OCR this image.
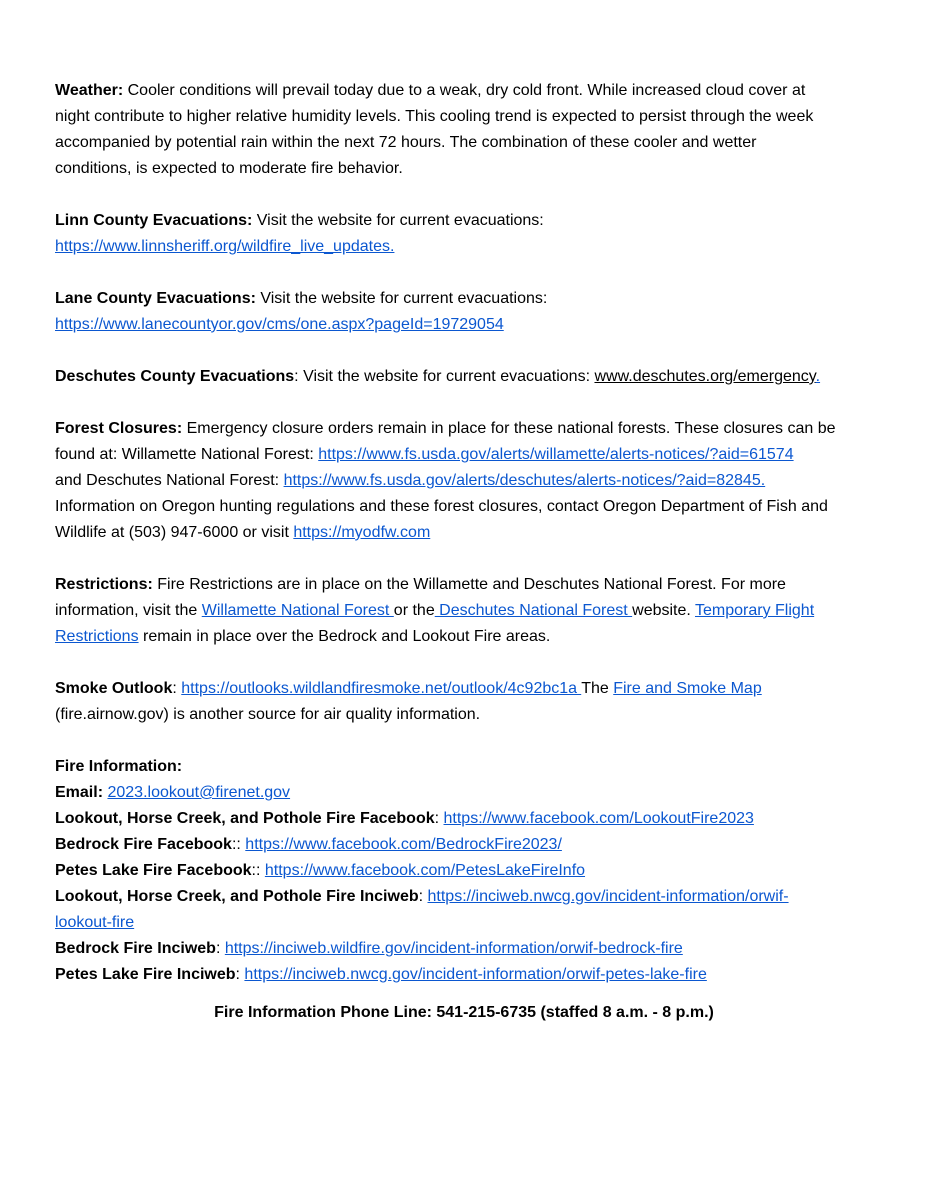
Weather: Cooler conditions will prevail today due to a weak, dry cold front. While increased cloud cover at
night contribute to higher relative humidity levels. This cooling trend is expected to persist through the week
accompanied by potential rain within the next 72 hours. The combination of these cooler and wetter
conditions, is expected to moderate fire behavior.
Linn County Evacuations: Visit the website for current evacuations:
https://www.linnsheriff.org/wildfire_live_updates.
Lane County Evacuations: Visit the website for current evacuations:
https://www.lanecountyor.gov/cms/one.aspx?pageId=19729054
Deschutes County Evacuations: Visit the website for current evacuations: www.deschutes.org/emergency.
Forest Closures: Emergency closure orders remain in place for these national forests. These closures can be
found at: Willamette National Forest: https://www.fs.usda.gov/alerts/willamette/alerts-notices/?aid=61574
and Deschutes National Forest: https://www.fs.usda.gov/alerts/deschutes/alerts-notices/?aid=82845.
Information on Oregon hunting regulations and these forest closures, contact Oregon Department of Fish and
Wildlife at (503) 947-6000 or visit https://myodfw.com
Restrictions: Fire Restrictions are in place on the Willamette and Deschutes National Forest. For more
information, visit the Willamette National Forest or the Deschutes National Forest website. Temporary Flight
Restrictions remain in place over the Bedrock and Lookout Fire areas.
Smoke Outlook: https://outlooks.wildlandfiresmoke.net/outlook/4c92bc1a The Fire and Smoke Map
(fire.airnow.gov) is another source for air quality information.
Fire Information:
Email: 2023.lookout@firenet.gov
Lookout, Horse Creek, and Pothole Fire Facebook: https://www.facebook.com/LookoutFire2023
Bedrock Fire Facebook:: https://www.facebook.com/BedrockFire2023/
Petes Lake Fire Facebook:: https://www.facebook.com/PetesLakeFireInfo
Lookout, Horse Creek, and Pothole Fire Inciweb: https://inciweb.nwcg.gov/incident-information/orwif-
lookout-fire
Bedrock Fire Inciweb: https://inciweb.wildfire.gov/incident-information/orwif-bedrock-fire
Petes Lake Fire Inciweb: https://inciweb.nwcg.gov/incident-information/orwif-petes-lake-fire
Fire Information Phone Line: 541-215-6735 (staffed 8 a.m. - 8 p.m.)
